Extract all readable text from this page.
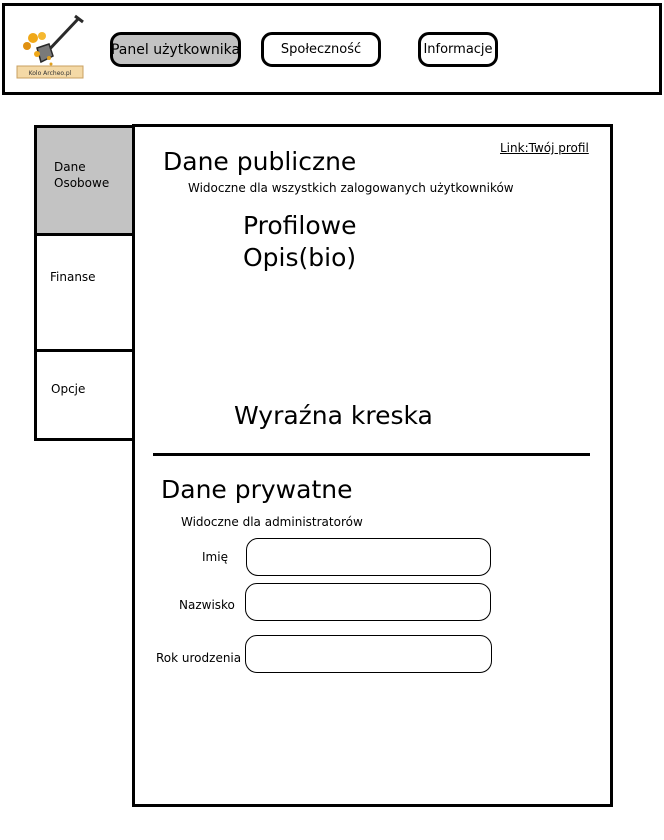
Kolo Archeo.pl
Panel użytkownika	Społeczność	Informacje
Dane Osobowe
Finanse
Opcje
Link:Twój profil
Dane publiczne
Widoczne dla wszystkich zalogowanych użytkowników
Profilowe
Opis(bio)
Wyraźna kreska
Dane prywatne
Widoczne dla administratorów
Imię
Nazwisko
Rok urodzenia
